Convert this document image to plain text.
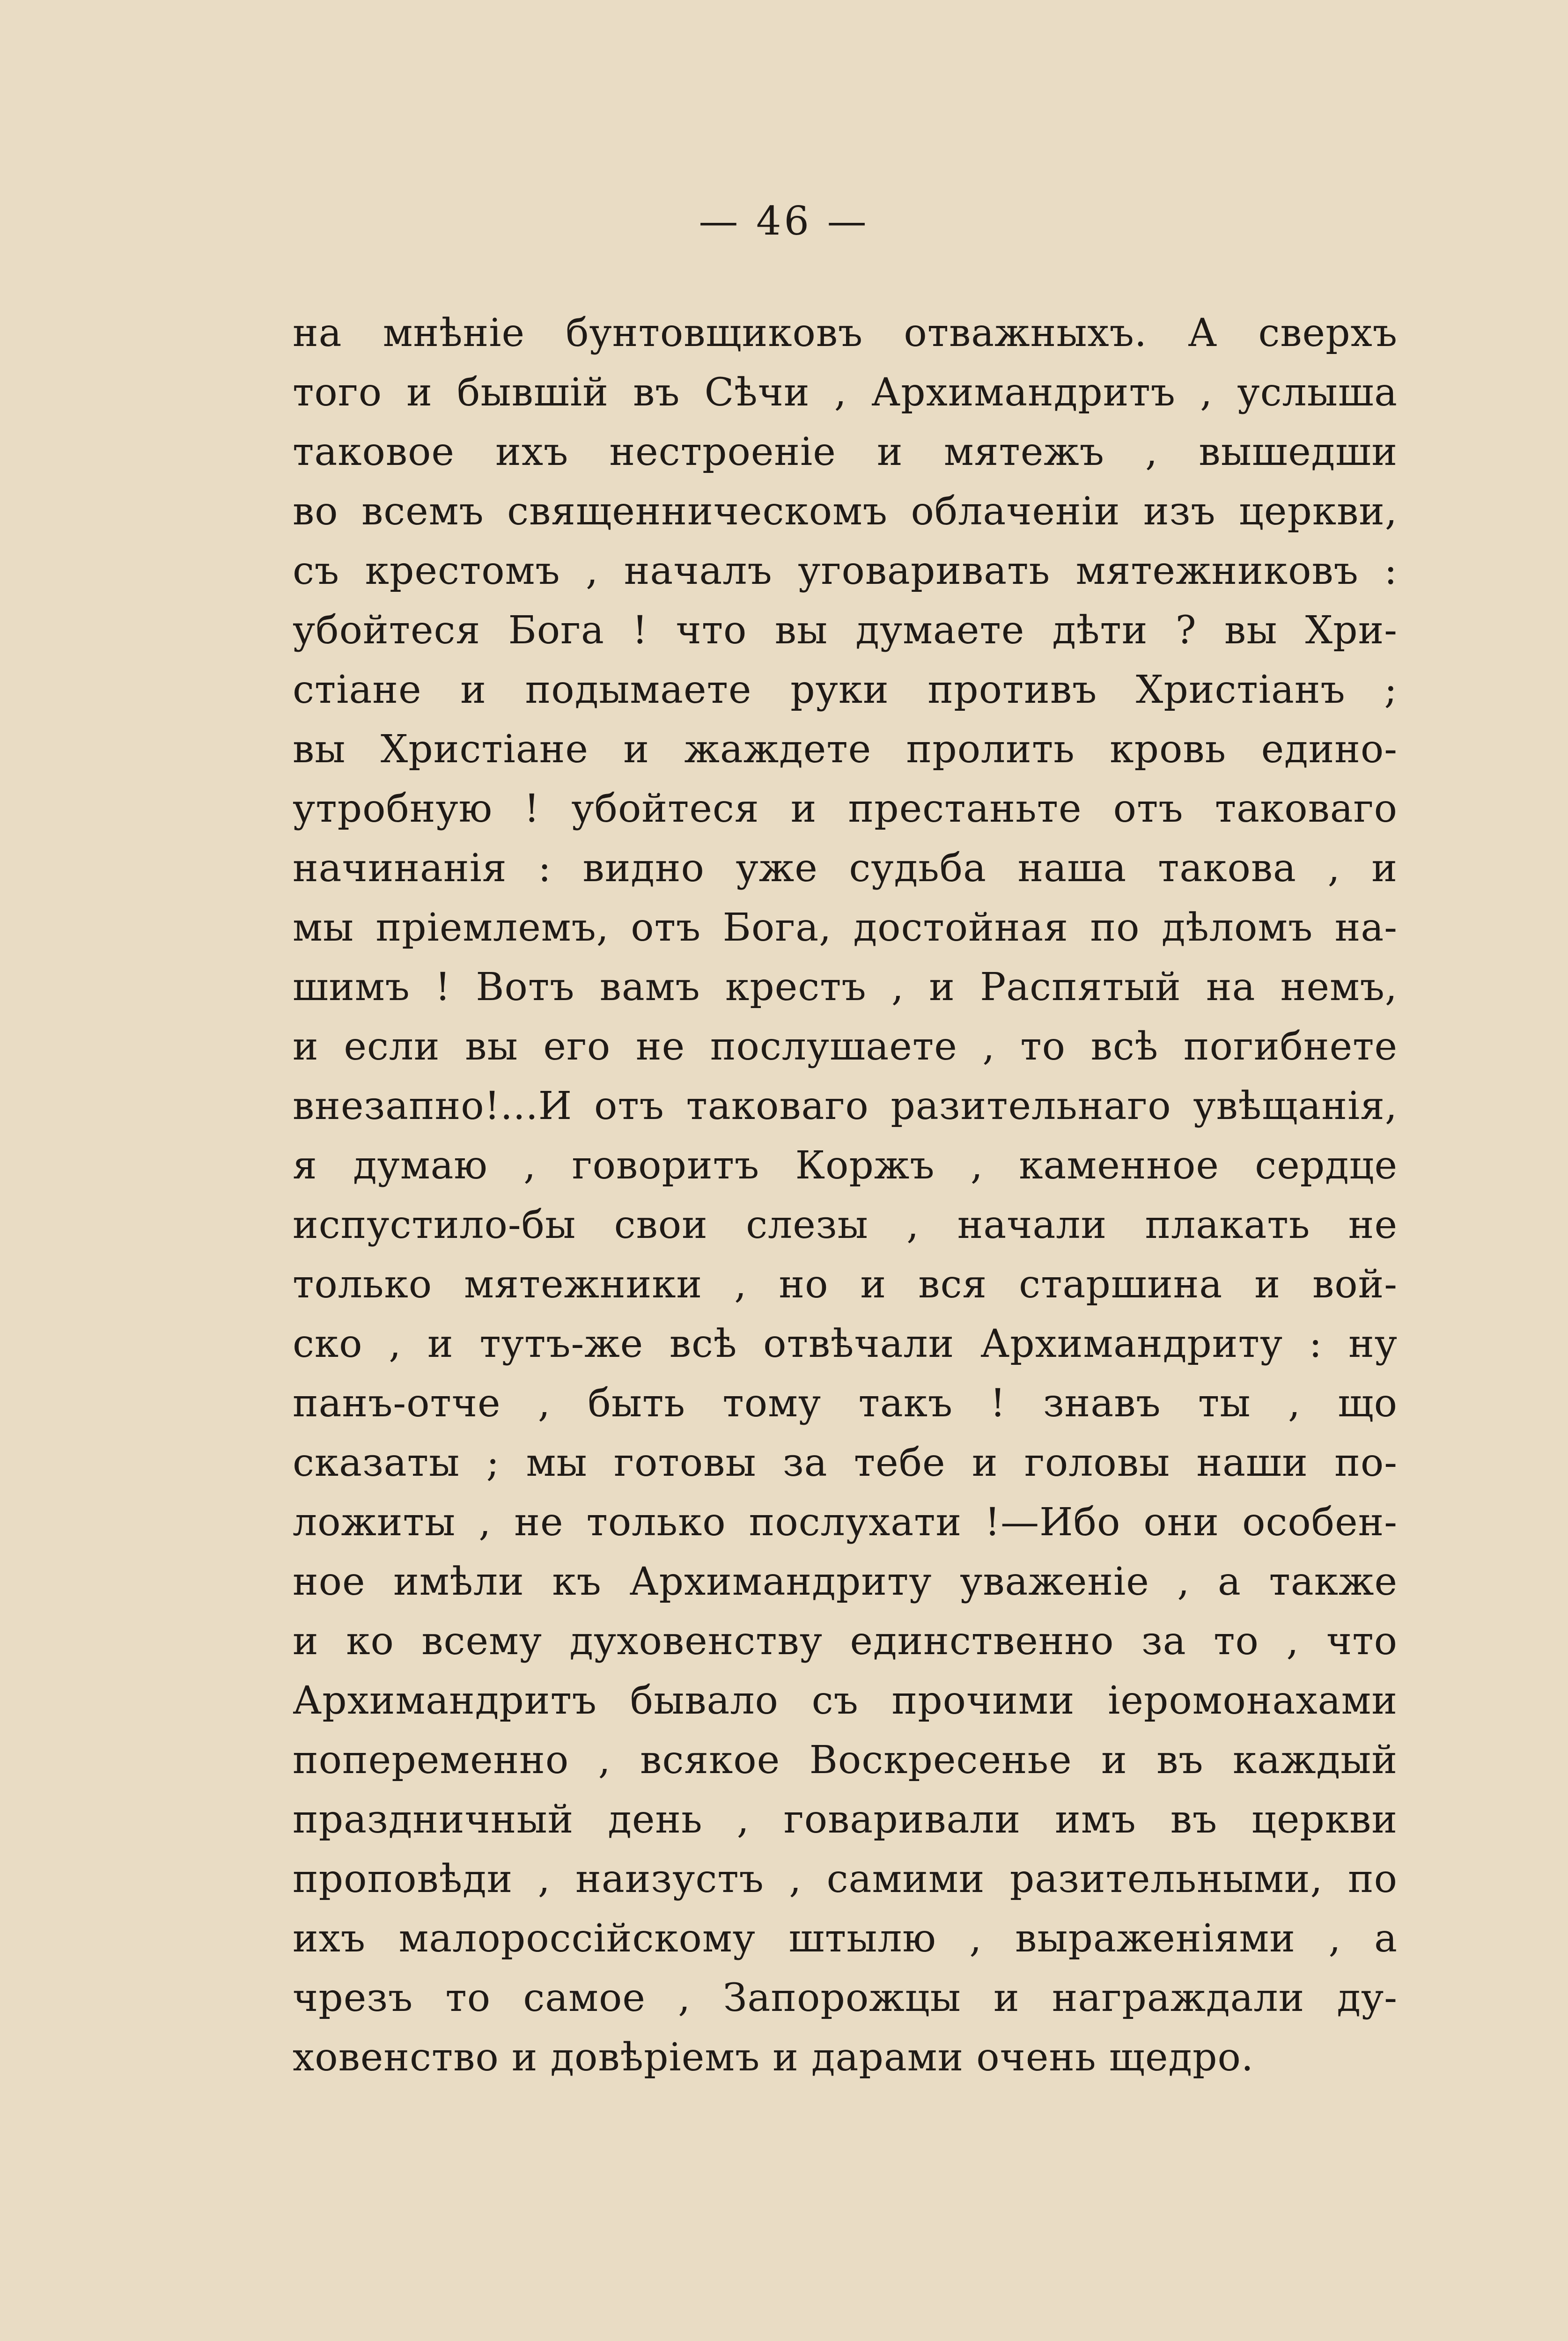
— 46 —
на мнѣніе бунтовщиковъ отважныхъ. А сверхъ
того и бывшій въ Сѣчи , Архимандритъ , услыша
таковое ихъ нестроеніе и мятежъ , вышедши
во всемъ священническомъ облаченіи изъ церкви,
съ крестомъ , началъ уговаривать мятежниковъ :
убойтеся Бога ! что вы думаете дѣти ? вы Хри-
стіане и подымаете руки противъ Христіанъ ;
вы Христіане и жаждете пролить кровь едино-
утробную ! убойтеся и престаньте отъ таковаго
начинанія : видно уже судьба наша такова , и
мы пріемлемъ, отъ Бога, достойная по дѣломъ на-
шимъ ! Вотъ вамъ крестъ , и Распятый на немъ,
и если вы его не послушаете , то всѣ погибнете
внезапно!...И отъ таковаго разительнаго увѣщанія,
я думаю , говоритъ Коржъ , каменное сердце
испустило-бы свои слезы , начали плакать не
только мятежники , но и вся старшина и вой-
ско , и тутъ-же всѣ отвѣчали Архимандриту : ну
панъ-отче , быть тому такъ ! знавъ ты , що
сказаты ; мы готовы за тебе и головы наши по-
ложиты , не только послухати !—Ибо они особен-
ное имѣли къ Архимандриту уваженіе , а также
и ко всему духовенству единственно за то , что
Архимандритъ бывало съ прочими іеромонахами
попеременно , всякое Воскресенье и въ каждый
праздничный день , говаривали имъ въ церкви
проповѣди , наизустъ , самими разительными, по
ихъ малороссійскому штылю , выраженіями , а
чрезъ то самое , Запорожцы и награждали ду-
ховенство и довѣріемъ и дарами очень щедро.
